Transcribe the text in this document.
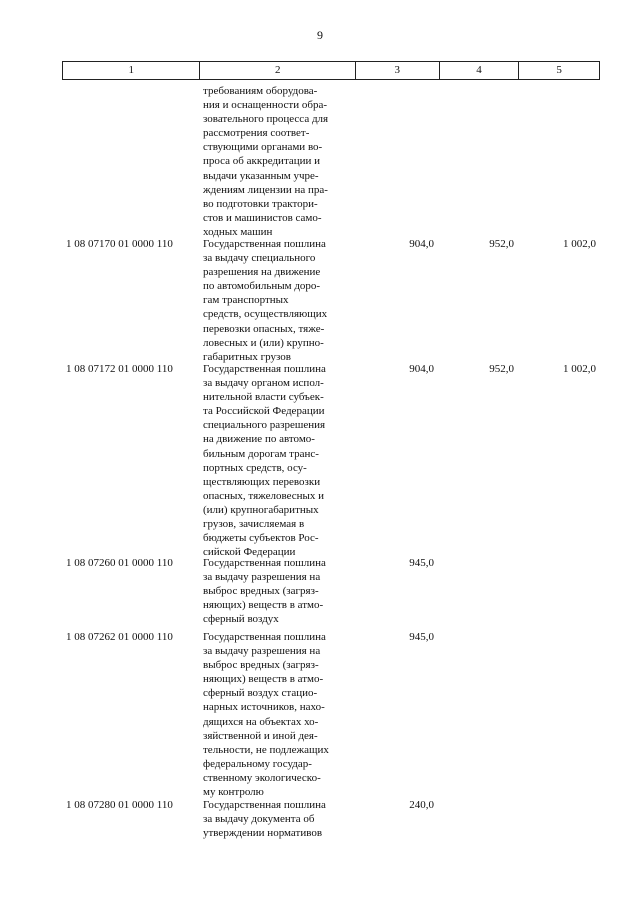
9
1	2	3	4	5
требованиям оборудова-
ния и оснащенности обра-
зовательного процесса для
рассмотрения соответ-
ствующими органами во-
проса об аккредитации и
выдачи указанным учре-
ждениям лицензии на пра-
во подготовки трактори-
стов и машинистов само-
ходных машин
1 08 07170 01 0000 110	Государственная пошлина
за выдачу специального
разрешения на движение
по автомобильным доро-
гам транспортных
средств, осуществляющих
перевозки опасных, тяже-
ловесных и (или) крупно-
габаритных грузов
904,0	952,0	1 002,0
1 08 07172 01 0000 110	Государственная пошлина
за выдачу органом испол-
нительной власти субъек-
та Российской Федерации
специального разрешения
на движение по автомо-
бильным дорогам транс-
портных средств, осу-
ществляющих перевозки
опасных, тяжеловесных и
(или) крупногабаритных
грузов, зачисляемая в
бюджеты субъектов Рос-
сийской Федерации
904,0	952,0	1 002,0
1 08 07260 01 0000 110	Государственная пошлина
за выдачу разрешения на
выброс вредных (загряз-
няющих) веществ в атмо-
сферный воздух
945,0
1 08 07262 01 0000 110	Государственная пошлина
за выдачу разрешения на
выброс вредных (загряз-
няющих) веществ в атмо-
сферный воздух стацио-
нарных источников, нахо-
дящихся на объектах хо-
зяйственной и иной дея-
тельности, не подлежащих
федеральному государ-
ственному экологическо-
му контролю
945,0
1 08 07280 01 0000 110	Государственная пошлина
за выдачу документа об
утверждении нормативов
240,0
